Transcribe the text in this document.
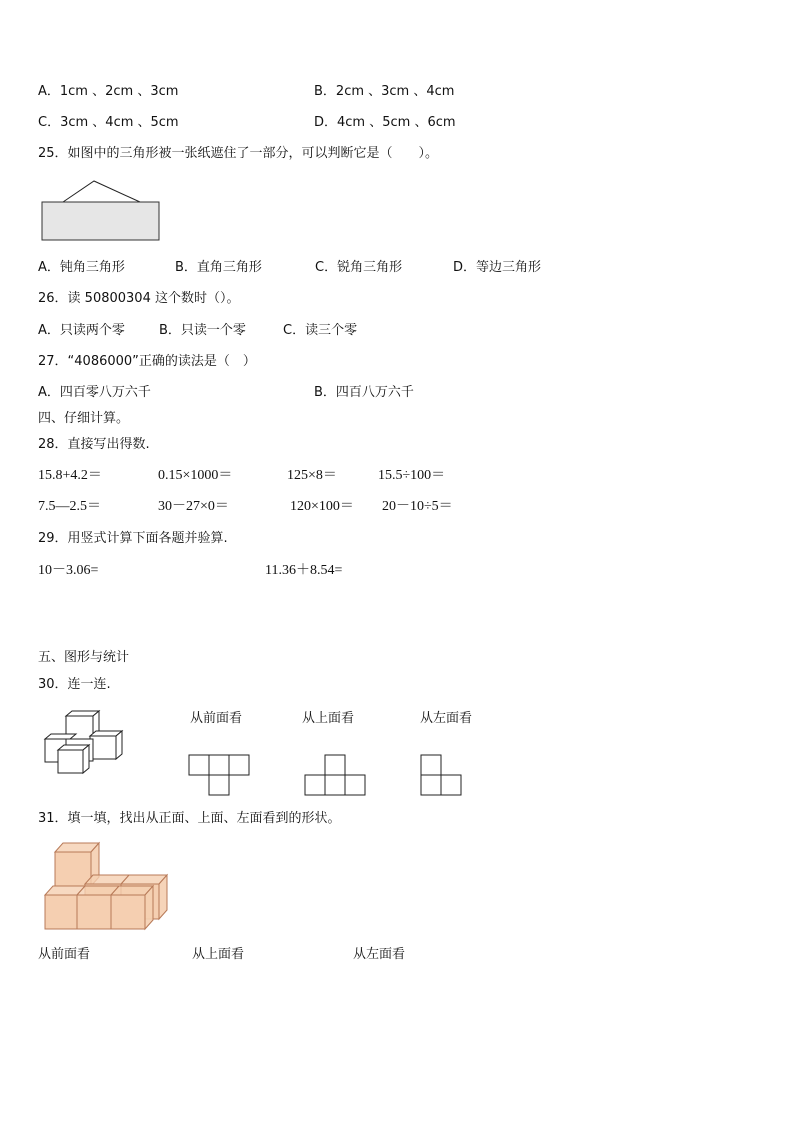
A．1cm 、2cm 、3cm	B．2cm 、3cm 、4cm
C．3cm 、4cm 、5cm	D．4cm 、5cm 、6cm
25．如图中的三角形被一张纸遮住了一部分，可以判断它是（　　）。
A．钝角三角形	B．直角三角形	C．锐角三角形	D．等边三角形
26．读 50800304 这个数时（）。
A．只读两个零	B．只读一个零	C．读三个零
27．“4086000”正确的读法是（　）
A．四百零八万六千	B．四百八万六千
四、仔细计算。
28．直接写出得数.
15.8+4.2＝	0.15×1000＝	125×8＝	15.5÷100＝
7.5—2.5＝	30－27×0＝	120×100＝ 20－10÷5＝
29．用竖式计算下面各题并验算.
10－3.06=	11.36＋8.54=
五、图形与统计
30．连一连.
从前面看	从上面看	从左面看
31．填一填，找出从正面、上面、左面看到的形状。
从前面看	从上面看	从左面看
